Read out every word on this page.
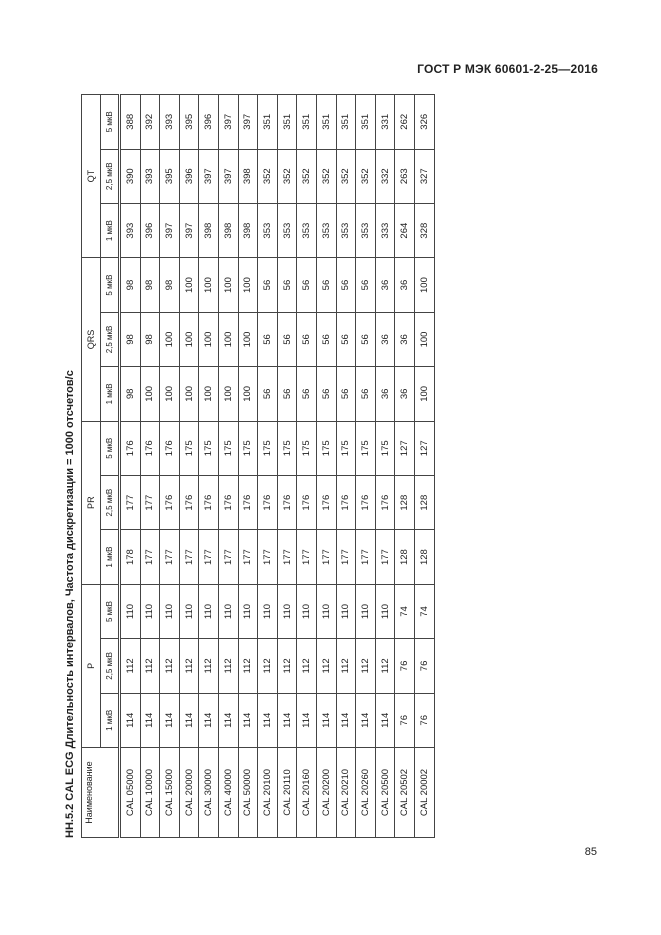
ГОСТ Р МЭК 60601-2-25—2016
НН.5.2 CAL ECG Длительность интервалов, Частота дискретизации = 1000 отсчетов/с Наименование	P			PR			QRS			QT		
	1 мкВ	2,5 мкВ	5 мкВ	1 мкВ	2,5 мкВ	5 мкВ	1 мкВ	2,5 мкВ	5 мкВ	1 мкВ	2,5 мкВ	5 мкВ
CAL 05000	114	112	110	178	177	176	98	98	98	393	390	388
CAL 10000	114	112	110	177	177	176	100	98	98	396	393	392
CAL 15000	114	112	110	177	176	176	100	100	98	397	395	393
CAL 20000	114	112	110	177	176	175	100	100	100	397	396	395
CAL 30000	114	112	110	177	176	175	100	100	100	398	397	396
CAL 40000	114	112	110	177	176	175	100	100	100	398	397	397
CAL 50000	114	112	110	177	176	175	100	100	100	398	398	397
CAL 20100	114	112	110	177	176	175	56	56	56	353	352	351
CAL 20110	114	112	110	177	176	175	56	56	56	353	352	351
CAL 20160	114	112	110	177	176	175	56	56	56	353	352	351
CAL 20200	114	112	110	177	176	175	56	56	56	353	352	351
CAL 20210	114	112	110	177	176	175	56	56	56	353	352	351
CAL 20260	114	112	110	177	176	175	56	56	56	353	352	351
CAL 20500	114	112	110	177	176	175	36	36	36	333	332	331
CAL 20502	76	76	74	128	128	127	36	36	36	264	263	262
CAL 20002	76	76	74	128	128	127	100	100	100	328	327	326
85
